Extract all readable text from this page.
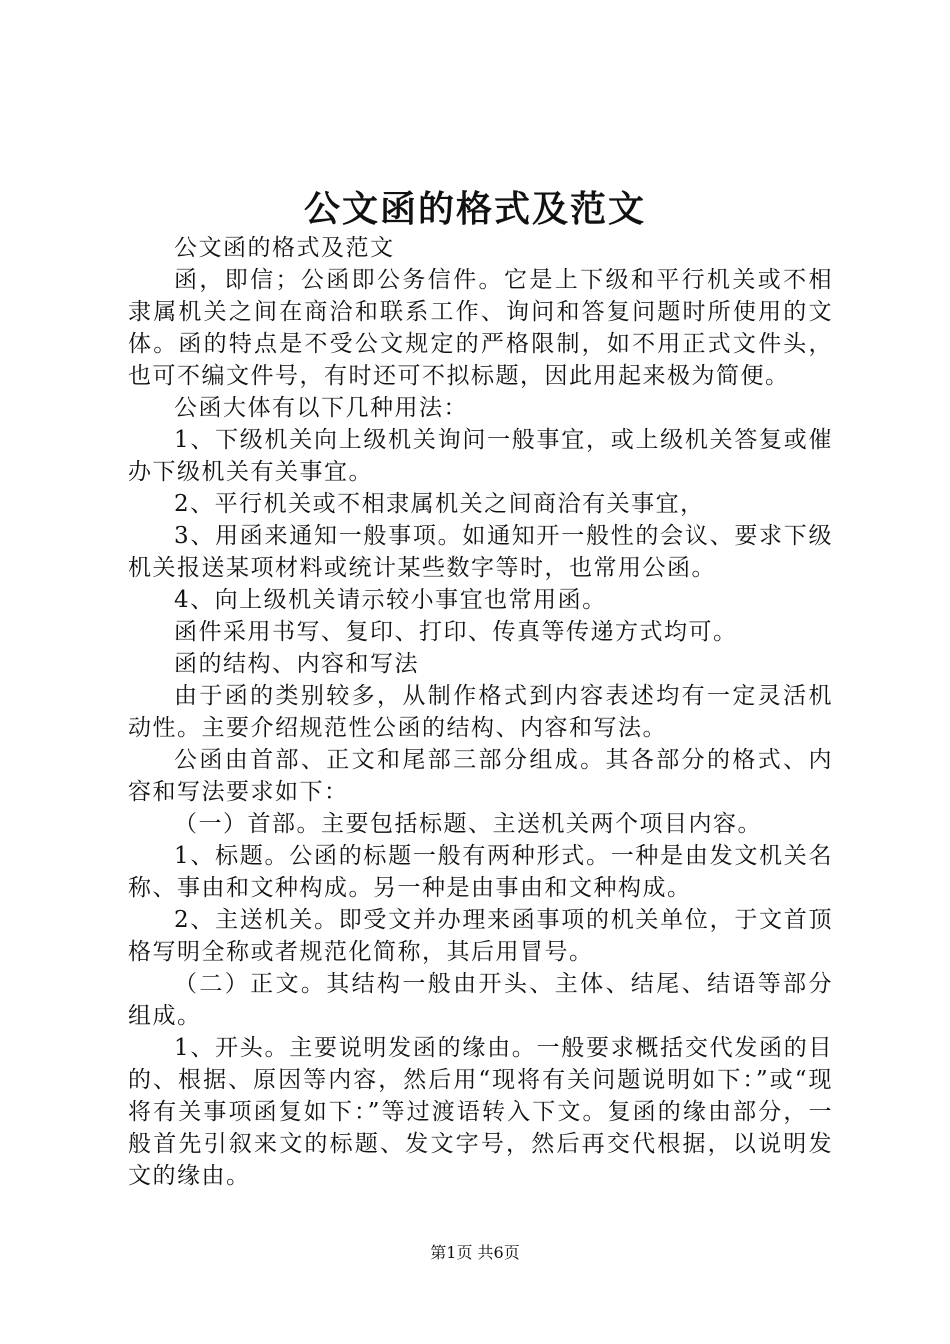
公文函的格式及范文

公文函的格式及范文

函，即信；公函即公务信件。它是上下级和平行机关或不相隶属机关之间在商洽和联系工作、询问和答复问题时所使用的文体。函的特点是不受公文规定的严格限制，如不用正式文件头，也可不编文件号，有时还可不拟标题，因此用起来极为简便。

公函大体有以下几种用法：

1、下级机关向上级机关询问一般事宜，或上级机关答复或催办下级机关有关事宜。

2、平行机关或不相隶属机关之间商洽有关事宜，

3、用函来通知一般事项。如通知开一般性的会议、要求下级机关报送某项材料或统计某些数字等时，也常用公函。

4、向上级机关请示较小事宜也常用函。

函件采用书写、复印、打印、传真等传递方式均可。

函的结构、内容和写法

由于函的类别较多，从制作格式到内容表述均有一定灵活机动性。主要介绍规范性公函的结构、内容和写法。

公函由首部、正文和尾部三部分组成。其各部分的格式、内容和写法要求如下：

（一）首部。主要包括标题、主送机关两个项目内容。

1、标题。公函的标题一般有两种形式。一种是由发文机关名称、事由和文种构成。另一种是由事由和文种构成。

2、主送机关。即受文并办理来函事项的机关单位，于文首顶格写明全称或者规范化简称，其后用冒号。

（二）正文。其结构一般由开头、主体、结尾、结语等部分组成。

1、开头。主要说明发函的缘由。一般要求概括交代发函的目的、根据、原因等内容，然后用“现将有关问题说明如下：”或“现将有关事项函复如下：”等过渡语转入下文。复函的缘由部分，一般首先引叙来文的标题、发文字号，然后再交代根据，以说明发文的缘由。

第1页 共6页
